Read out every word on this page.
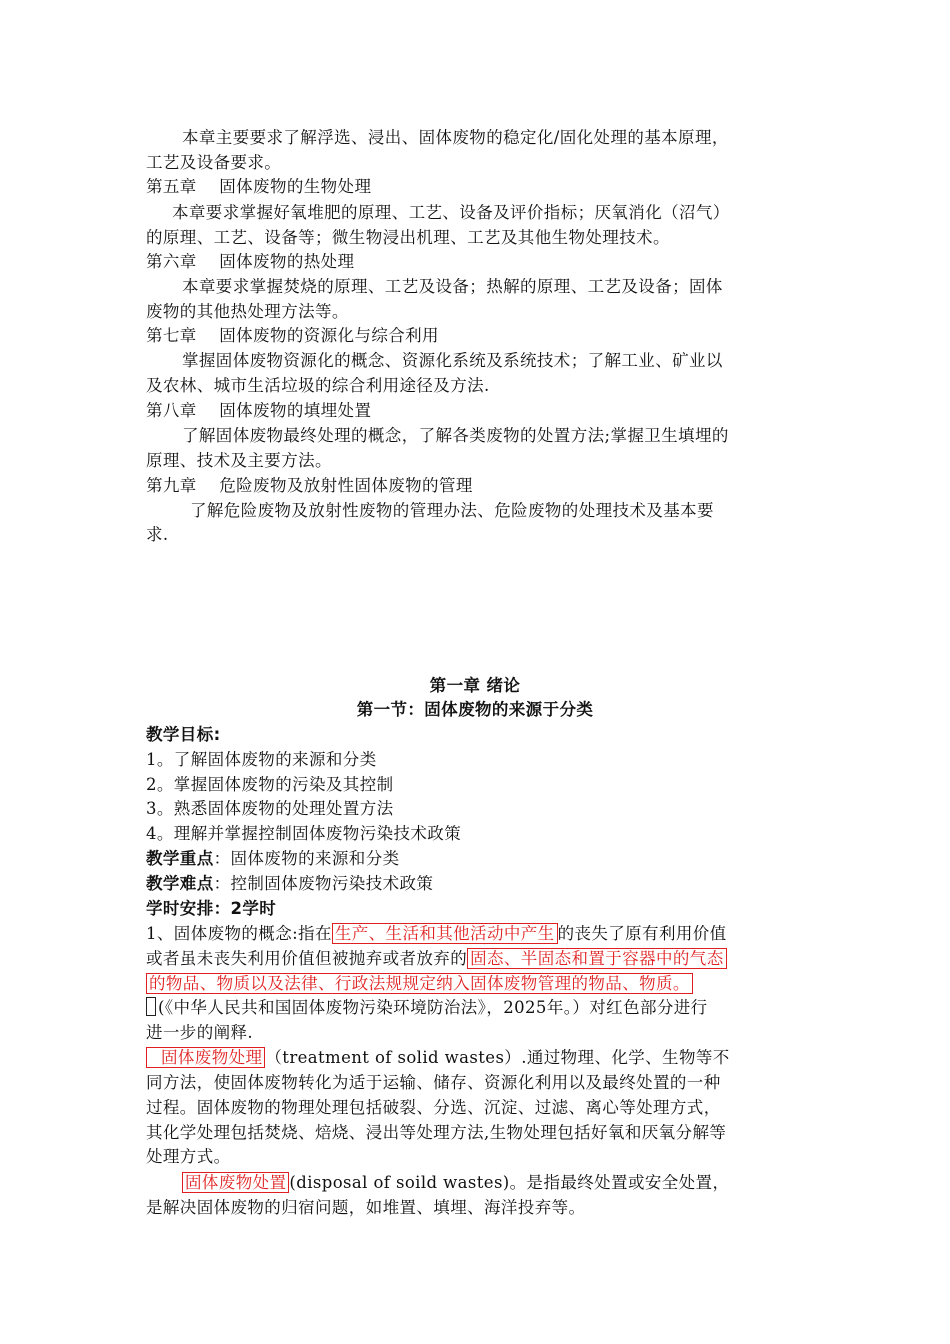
本章主要要求了解浮选、浸出、固体废物的稳定化/固化处理的基本原理，
工艺及设备要求。
第五章　 固体废物的生物处理
本章要求掌握好氧堆肥的原理、工艺、设备及评价指标；厌氧消化（沼气）
的原理、工艺、设备等；微生物浸出机理、工艺及其他生物处理技术。
第六章　 固体废物的热处理
本章要求掌握焚烧的原理、工艺及设备；热解的原理、工艺及设备；固体
废物的其他热处理方法等。
第七章　 固体废物的资源化与综合利用
掌握固体废物资源化的概念、资源化系统及系统技术；了解工业、矿业以
及农林、城市生活垃圾的综合利用途径及方法.
第八章　 固体废物的填埋处置
了解固体废物最终处理的概念，了解各类废物的处置方法;掌握卫生填埋的
原理、技术及主要方法。
第九章　 危险废物及放射性固体废物的管理
了解危险废物及放射性废物的管理办法、危险废物的处理技术及基本要
求.
第一章 绪论
第一节：固体废物的来源于分类
教学目标:
1。了解固体废物的来源和分类
2。掌握固体废物的污染及其控制
3。熟悉固体废物的处理处置方法
4。理解并掌握控制固体废物污染技术政策
教学重点：固体废物的来源和分类
教学难点：控制固体废物污染技术政策
学时安排：2学时
1、固体废物的概念:指在 生产、生活和其他活动中产生 的丧失了原有利用价值
或者虽未丧失利用价值但被抛弃或者放弃的 固态、半固态和置于容器中的气态
的物品、物质以及法律、行政法规规定纳入固体废物管理的物品、物质。
(《中华人民共和国固体废物污染环境防治法》，2025年。）对红色部分进行
进一步的阐释.
固体废物处理 （treatment of solid wastes）.通过物理、化学、生物等不
同方法，使固体废物转化为适于运输、储存、资源化利用以及最终处置的一种
过程。固体废物的物理处理包括破裂、分选、沉淀、过滤、离心等处理方式，
其化学处理包括焚烧、焙烧、浸出等处理方法,生物处理包括好氧和厌氧分解等
处理方式。
固体废物处置 (disposal of soild wastes)。是指最终处置或安全处置，
是解决固体废物的归宿问题，如堆置、填埋、海洋投弃等。
